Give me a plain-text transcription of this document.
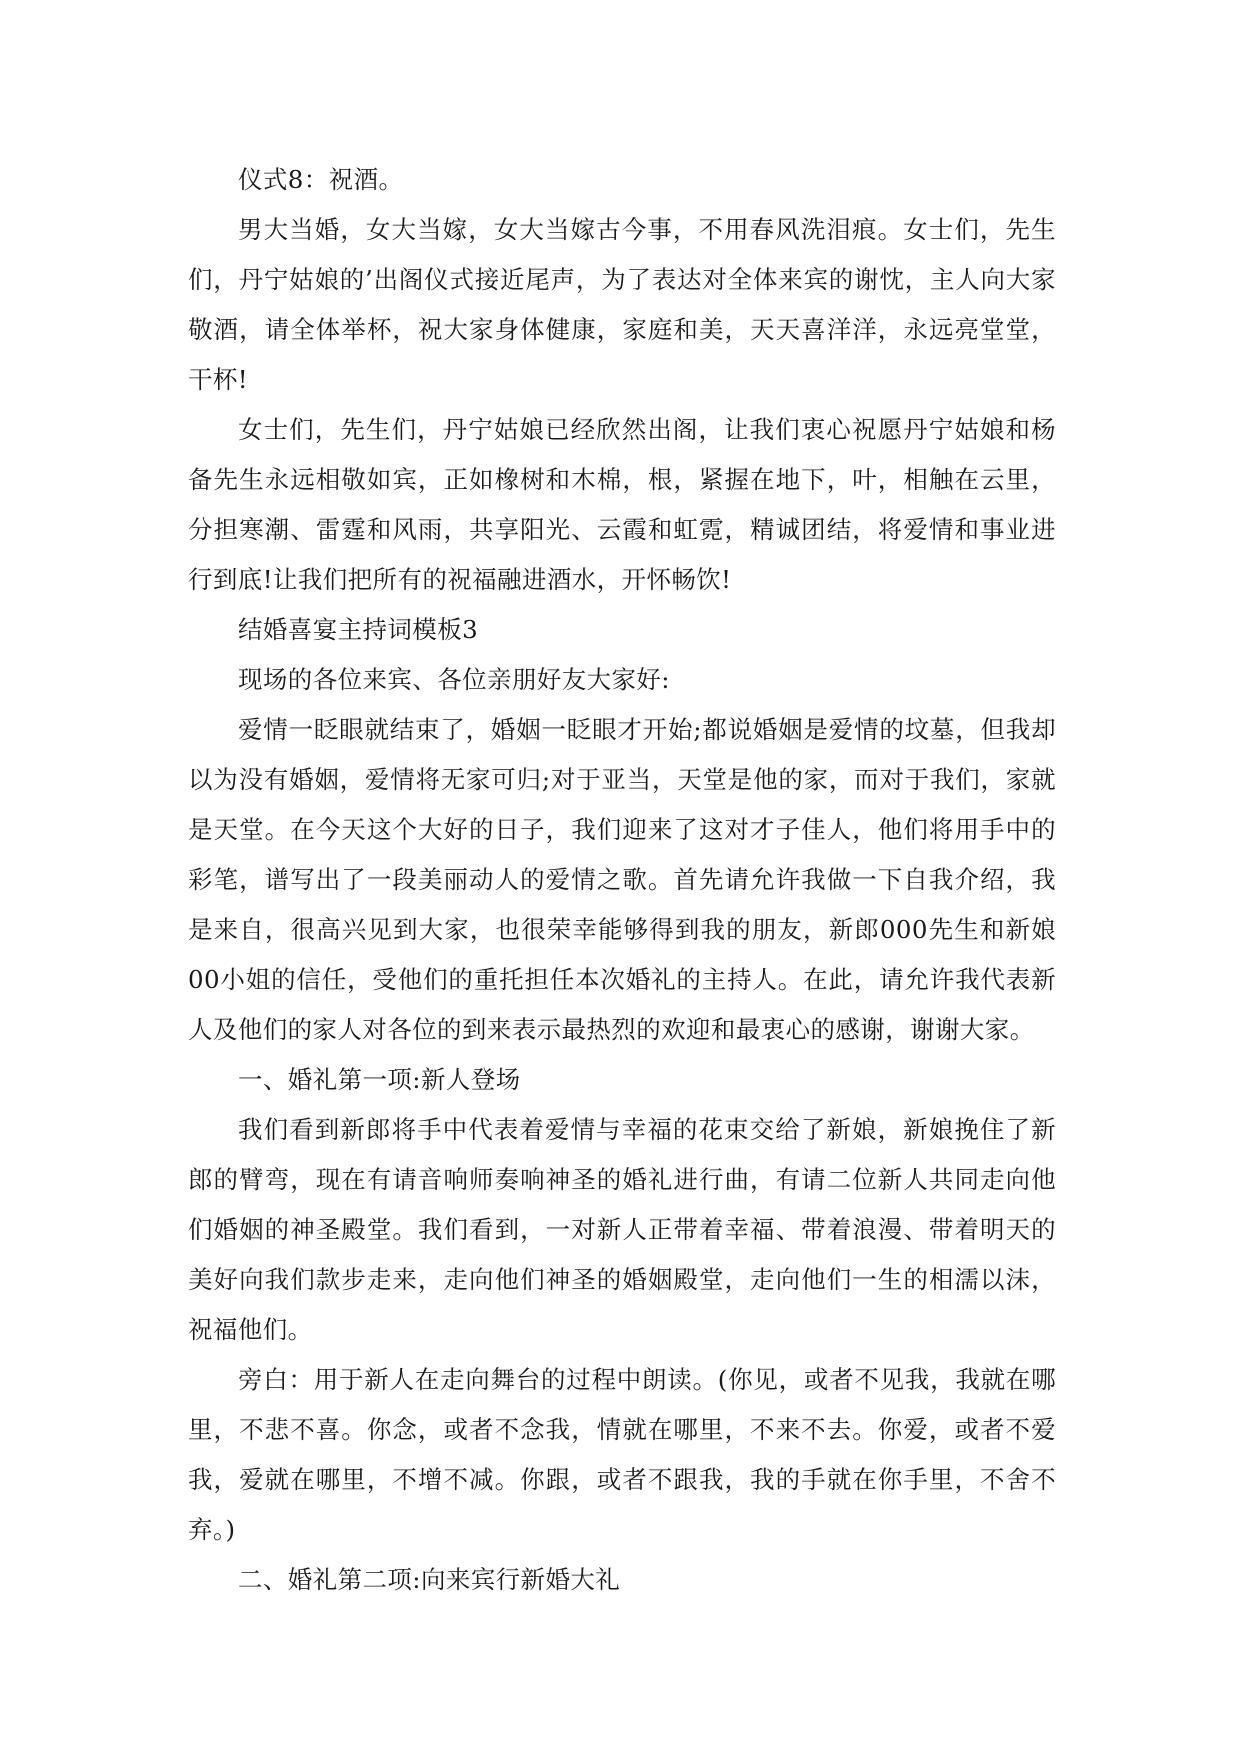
仪式8：祝酒。

男大当婚，女大当嫁，女大当嫁古今事，不用春风洗泪痕。女士们，先生们，丹宁姑娘的’出阁仪式接近尾声，为了表达对全体来宾的谢忱，主人向大家敬酒，请全体举杯，祝大家身体健康，家庭和美，天天喜洋洋，永远亮堂堂，干杯!

女士们，先生们，丹宁姑娘已经欣然出阁，让我们衷心祝愿丹宁姑娘和杨备先生永远相敬如宾，正如橡树和木棉，根，紧握在地下，叶，相触在云里，分担寒潮、雷霆和风雨，共享阳光、云霞和虹霓，精诚团结，将爱情和事业进行到底!让我们把所有的祝福融进酒水，开怀畅饮!

结婚喜宴主持词模板3

现场的各位来宾、各位亲朋好友大家好:

爱情一眨眼就结束了，婚姻一眨眼才开始;都说婚姻是爱情的坟墓，但我却以为没有婚姻，爱情将无家可归;对于亚当，天堂是他的家，而对于我们，家就是天堂。在今天这个大好的日子，我们迎来了这对才子佳人，他们将用手中的彩笔，谱写出了一段美丽动人的爱情之歌。首先请允许我做一下自我介绍，我是来自，很高兴见到大家，也很荣幸能够得到我的朋友，新郎000先生和新娘00小姐的信任，受他们的重托担任本次婚礼的主持人。在此，请允许我代表新人及他们的家人对各位的到来表示最热烈的欢迎和最衷心的感谢，谢谢大家。

一、婚礼第一项:新人登场

我们看到新郎将手中代表着爱情与幸福的花束交给了新娘，新娘挽住了新郎的臂弯，现在有请音响师奏响神圣的婚礼进行曲，有请二位新人共同走向他们婚姻的神圣殿堂。我们看到，一对新人正带着幸福、带着浪漫、带着明天的美好向我们款步走来，走向他们神圣的婚姻殿堂，走向他们一生的相濡以沫，祝福他们。

旁白：用于新人在走向舞台的过程中朗读。(你见，或者不见我，我就在哪里，不悲不喜。你念，或者不念我，情就在哪里，不来不去。你爱，或者不爱我，爱就在哪里，不增不减。你跟，或者不跟我，我的手就在你手里，不舍不弃。)

二、婚礼第二项:向来宾行新婚大礼
